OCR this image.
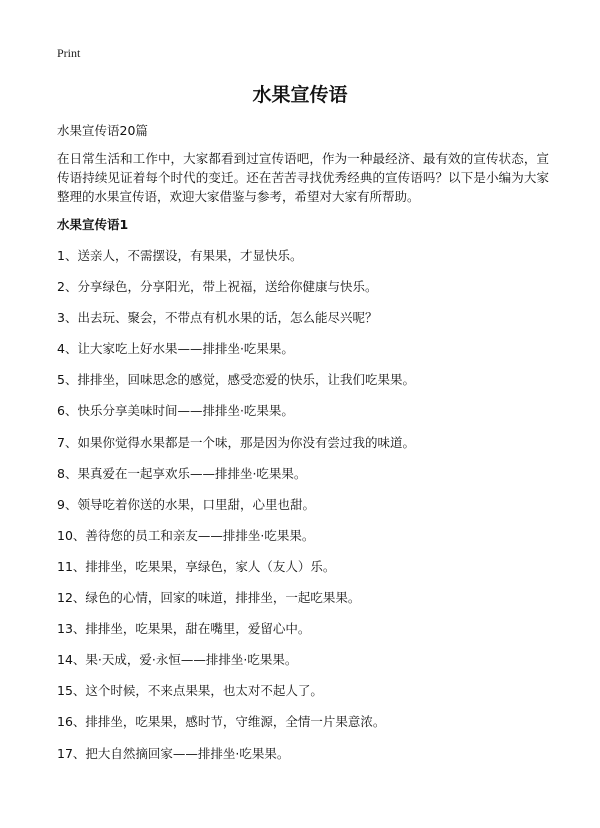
Print
水果宣传语
水果宣传语20篇
在日常生活和工作中，大家都看到过宣传语吧，作为一种最经济、最有效的宣传状态，宣传语持续见证着每个时代的变迁。还在苦苦寻找优秀经典的宣传语吗？以下是小编为大家整理的水果宣传语，欢迎大家借鉴与参考，希望对大家有所帮助。
水果宣传语1
1、送亲人，不需摆设，有果果，才显快乐。
2、分享绿色，分享阳光，带上祝福，送给你健康与快乐。
3、出去玩、聚会，不带点有机水果的话，怎么能尽兴呢？
4、让大家吃上好水果——排排坐·吃果果。
5、排排坐，回味思念的感觉，感受恋爱的快乐，让我们吃果果。
6、快乐分享美味时间——排排坐·吃果果。
7、如果你觉得水果都是一个味，那是因为你没有尝过我的味道。
8、果真爱在一起享欢乐——排排坐·吃果果。
9、领导吃着你送的水果，口里甜，心里也甜。
10、善待您的员工和亲友——排排坐·吃果果。
11、排排坐，吃果果，享绿色，家人（友人）乐。
12、绿色的心情，回家的味道，排排坐，一起吃果果。
13、排排坐，吃果果，甜在嘴里，爱留心中。
14、果·天成，爱·永恒——排排坐·吃果果。
15、这个时候，不来点果果，也太对不起人了。
16、排排坐，吃果果，感时节，守维源，全情一片果意浓。
17、把大自然摘回家——排排坐·吃果果。
